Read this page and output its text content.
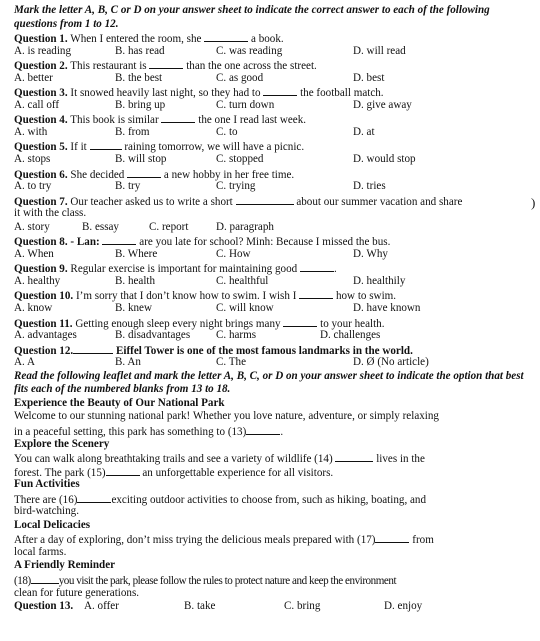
Mark the letter A, B, C or D on your answer sheet to indicate the correct answer to each of the following questions from 1 to 12.
Question 1. When I entered the room, she	a book.
A. is reading	B. has read	C. was reading	D. will read
Question 2. This restaurant is	than the one across the street.
A. better	B. the best	C. as good	D. best
Question 3. It snowed heavily last night, so they had to	the football match.
A. call off	B. bring up	C. turn down	D. give away
Question 4. This book is similar	the one I read last week.
A. with	B. from	C. to	D. at
Question 5. If it	raining tomorrow, we will have a picnic.
A. stops	B. will stop	C. stopped	D. would stop
Question 6. She decided	a new hobby in her free time.
A. to try	B. try	C. trying	D. tries
Question 7. Our teacher asked us to write a short	about our summer vacation and share
it with the class.
A. story	B. essay	C. report D. paragraph
Question 8. - Lan:	are you late for school? Minh: Because I missed the bus.
A. When	B. Where	C. How	D. Why
Question 9. Regular exercise is important for maintaining good	.
A. healthy	B. health	C. healthful	D. healthily
Question 10. I’m sorry that I don’t know how to swim. I wish I	how to swim.
A. know	B. knew	C. will know	D. have known
Question 11. Getting enough sleep every night brings many	to your health.
A. advantages	B. disadvantages C. harms	D. challenges
Question 12.	Eiffel Tower is one of the most famous landmarks in the world.
A. A	B. An	C. The	D. Ø (No article)
Read the following leaflet and mark the letter A, B, C, or D on your answer sheet to indicate the option that best fits each of the numbered blanks from 13 to 18.
Experience the Beauty of Our National Park
Welcome to our stunning national park! Whether you love nature, adventure, or simply relaxing
in a peaceful setting, this park has something to (13)	.
Explore the Scenery
You can walk along breathtaking trails and see a variety of wildlife (14)	lives in the
forest. The park (15)	an unforgettable experience for all visitors.
Fun Activities
There are (16)	exciting outdoor activities to choose from, such as hiking, boating, and
bird-watching.
Local Delicacies
After a day of exploring, don’t miss trying the delicious meals prepared with (17)	from
local farms.
A Friendly Reminder
(18)	you visit the park, please follow the rules to protect nature and keep the environment
clean for future generations.
Question 13. A. offer	B. take	C. bring	D. enjoy
)
